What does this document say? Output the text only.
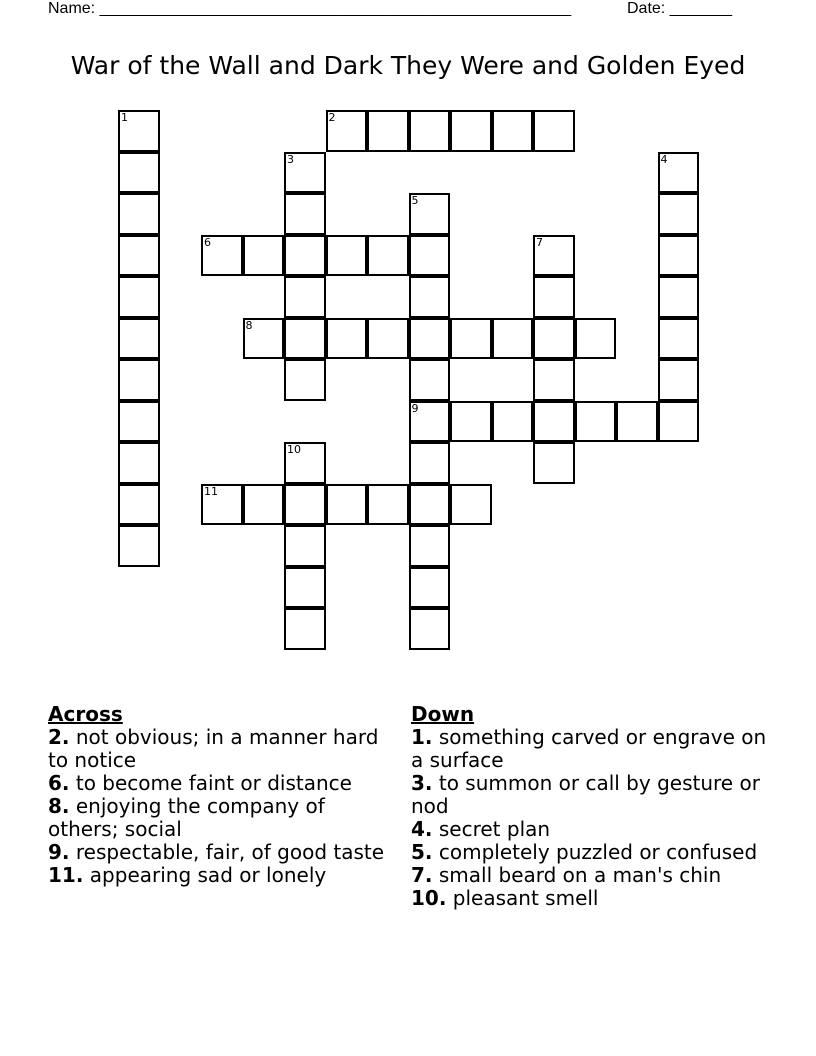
Name: _____________________________________________________	Date: _______
War of the Wall and Dark They Were and Golden Eyed
1	2
3	4
5
9
6	7
8
10
11
Across
2. not obvious; in a manner hard to notice
6. to become faint or distance
8. enjoying the company of others; social
9. respectable, fair, of good taste
11. appearing sad or lonely
Down
1. something carved or engrave on a surface
3. to summon or call by gesture or nod
4. secret plan
5. completely puzzled or confused
7. small beard on a man's chin
10. pleasant smell
